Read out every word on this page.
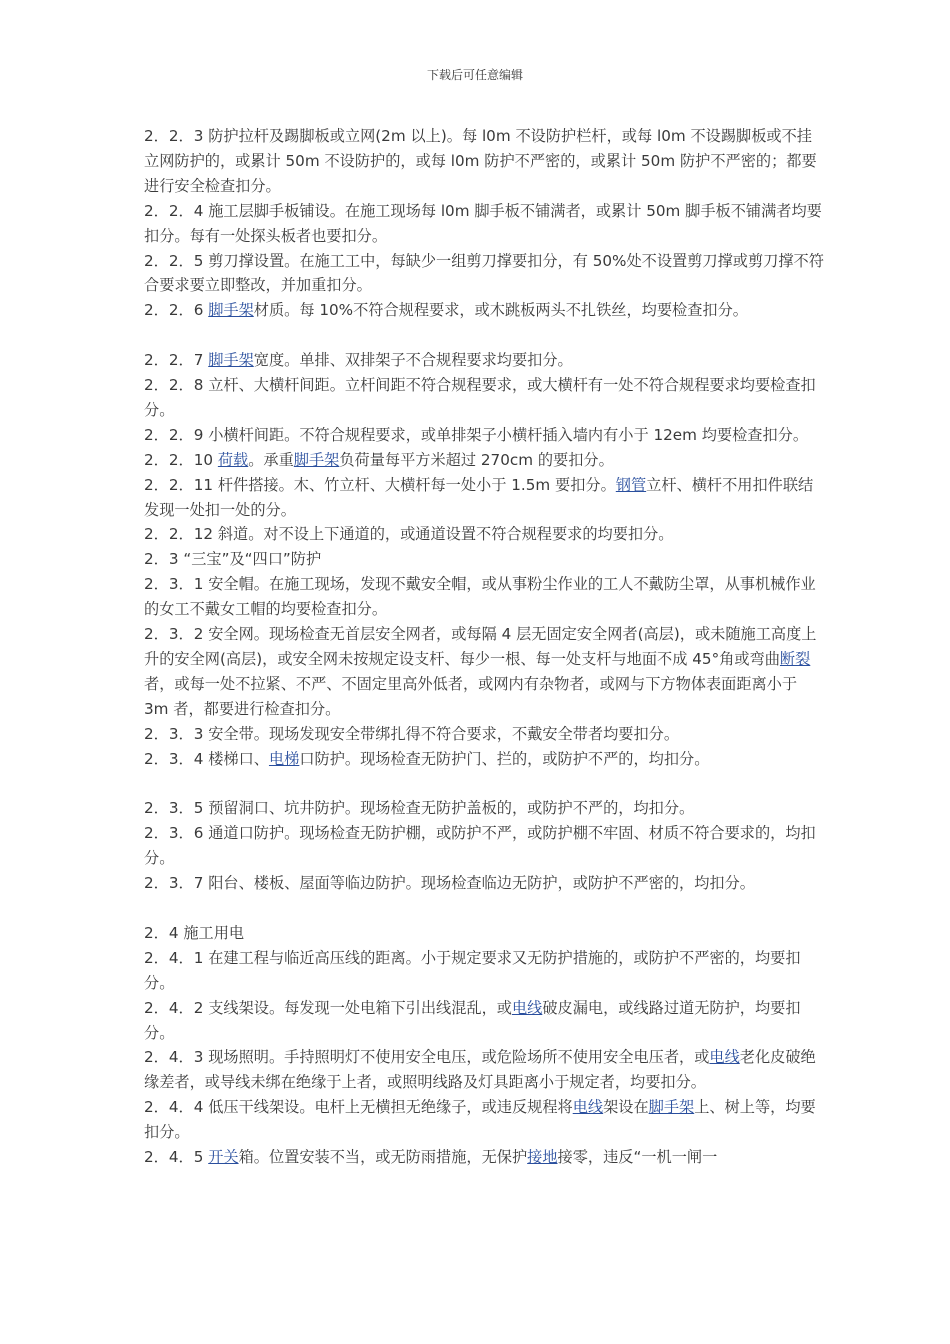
下载后可任意编辑

2．2．3 防护拉杆及踢脚板或立网(2m 以上)。每 l0m 不设防护栏杆，或每 l0m 不设踢脚板或不挂立网防护的，或累计 50m 不设防护的，或每 l0m 防护不严密的，或累计 50m 防护不严密的；都要进行安全检查扣分。

2．2．4 施工层脚手板铺设。在施工现场每 l0m 脚手板不铺满者，或累计 50m 脚手板不铺满者均要扣分。每有一处探头板者也要扣分。

2．2．5 剪刀撑设置。在施工工中，每缺少一组剪刀撑要扣分，有 50%处不设置剪刀撑或剪刀撑不符合要求要立即整改，并加重扣分。

2．2．6 脚手架材质。每 10%不符合规程要求，或木跳板两头不扎铁丝，均要检查扣分。

2．2．7 脚手架宽度。单排、双排架子不合规程要求均要扣分。

2．2．8 立杆、大横杆间距。立杆间距不符合规程要求，或大横杆有一处不符合规程要求均要检查扣分。

2．2．9 小横杆间距。不符合规程要求，或单排架子小横杆插入墙内有小于 12em 均要检查扣分。

2．2．10 荷载。承重脚手架负荷量每平方米超过 270cm 的要扣分。

2．2．11 杆件搭接。木、竹立杆、大横杆每一处小于 1.5m 要扣分。钢管立杆、横杆不用扣件联结发现一处扣一处的分。

2．2．12 斜道。对不设上下通道的，或通道设置不符合规程要求的均要扣分。

2．3 “三宝”及“四口”防护

2．3．1 安全帽。在施工现场，发现不戴安全帽，或从事粉尘作业的工人不戴防尘罩，从事机械作业的女工不戴女工帽的均要检查扣分。

2．3．2 安全网。现场检查无首层安全网者，或每隔 4 层无固定安全网者(高层)，或未随施工高度上升的安全网(高层)，或安全网未按规定设支杆、每少一根、每一处支杆与地面不成 45°角或弯曲断裂者，或每一处不拉紧、不严、不固定里高外低者，或网内有杂物者，或网与下方物体表面距离小于 3m 者，都要进行检查扣分。

2．3．3 安全带。现场发现安全带绑扎得不符合要求，不戴安全带者均要扣分。

2．3．4 楼梯口、电梯口防护。现场检查无防护门、拦的，或防护不严的，均扣分。

2．3．5 预留洞口、坑井防护。现场检查无防护盖板的，或防护不严的，均扣分。

2．3．6 通道口防护。现场检查无防护棚，或防护不严，或防护棚不牢固、材质不符合要求的，均扣分。

2．3．7 阳台、楼板、屋面等临边防护。现场检查临边无防护，或防护不严密的，均扣分。

2．4 施工用电

2．4．1 在建工程与临近高压线的距离。小于规定要求又无防护措施的，或防护不严密的，均要扣分。

2．4．2 支线架设。每发现一处电箱下引出线混乱，或电线破皮漏电，或线路过道无防护，均要扣分。

2．4．3 现场照明。手持照明灯不使用安全电压，或危险场所不使用安全电压者，或电线老化皮破绝缘差者，或导线未绑在绝缘于上者，或照明线路及灯具距离小于规定者，均要扣分。

2．4．4 低压干线架设。电杆上无横担无绝缘子，或违反规程将电线架设在脚手架上、树上等，均要扣分。

2．4．5 开关箱。位置安装不当，或无防雨措施，无保护接地接零，违反“一机一闸一
